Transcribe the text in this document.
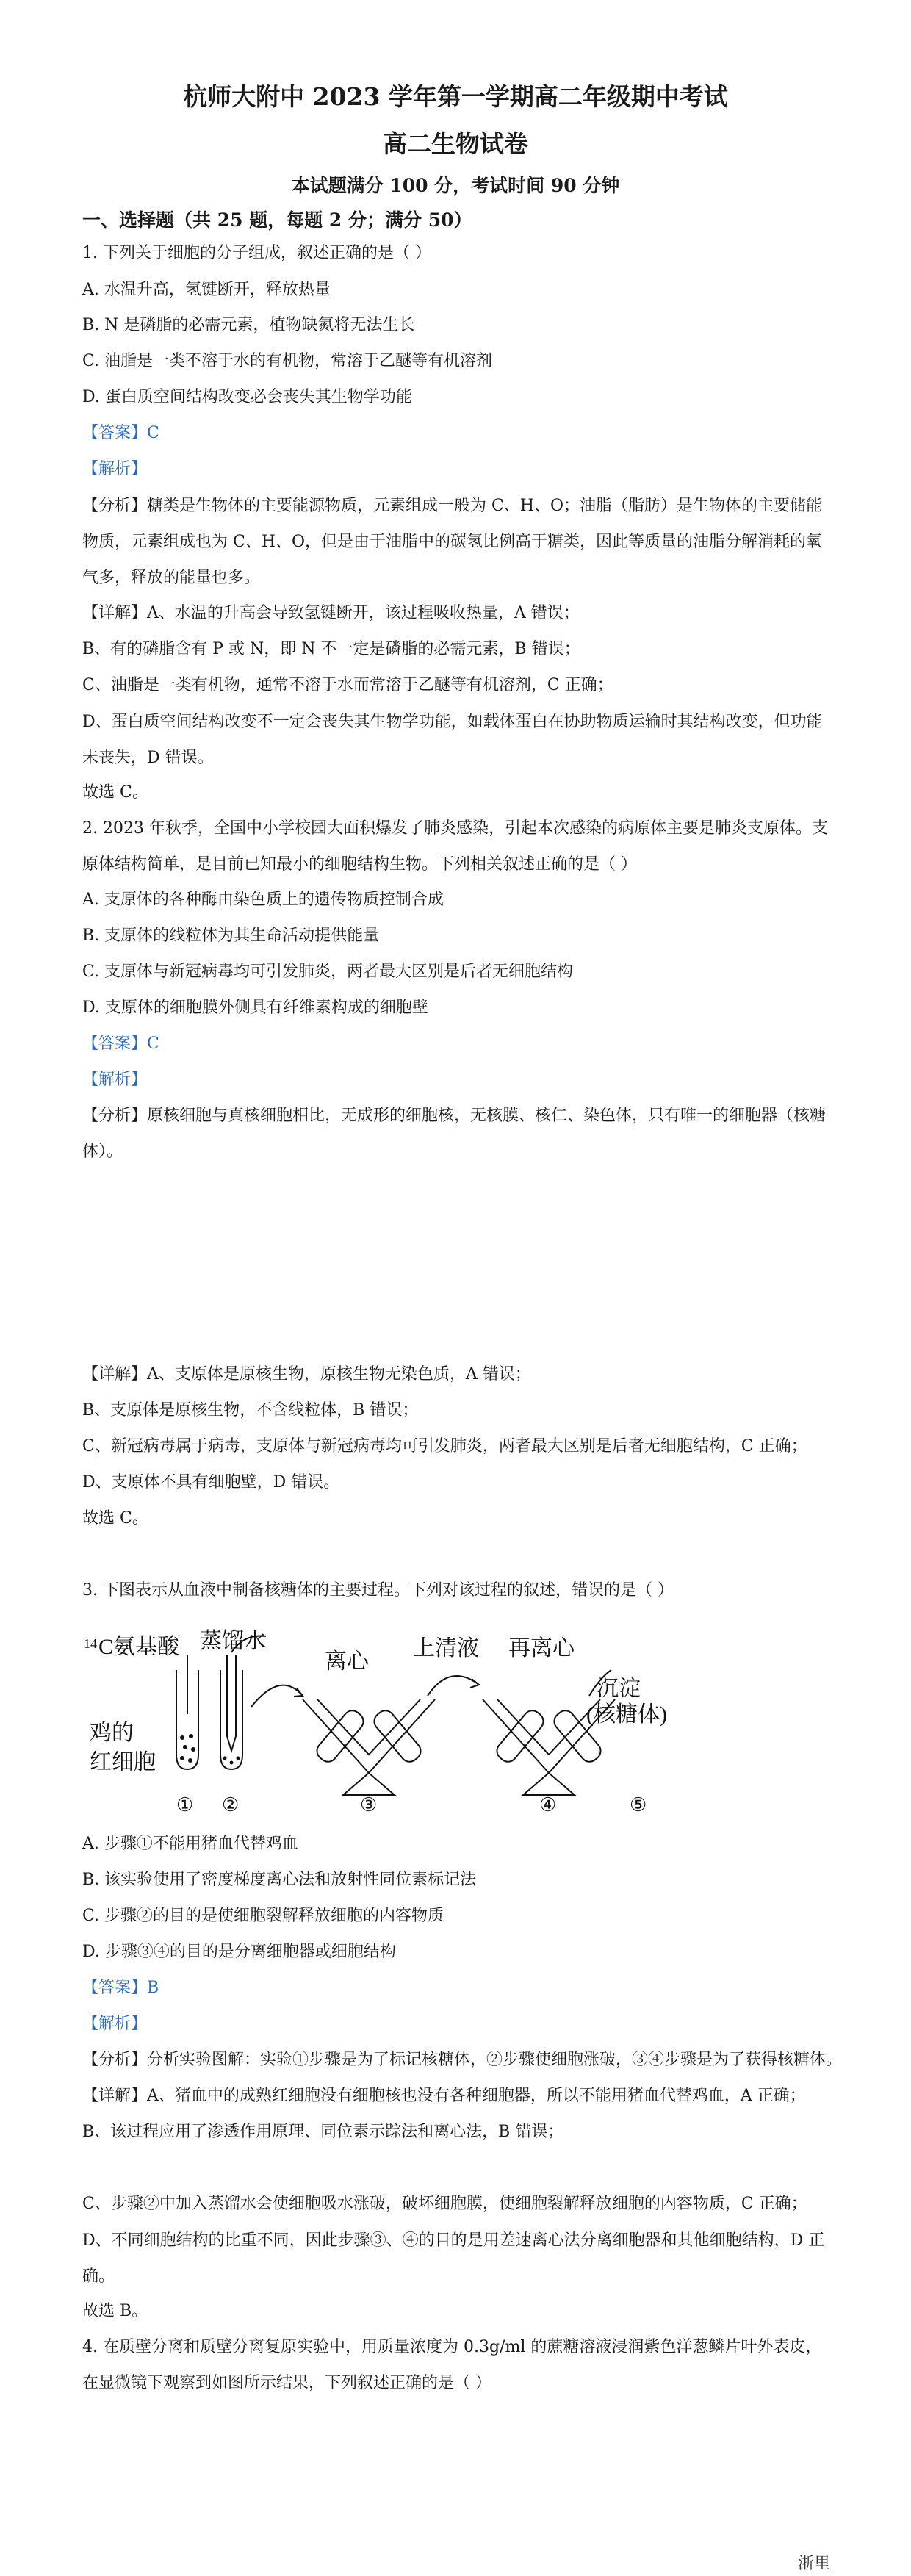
杭师大附中 2023 学年第一学期高二年级期中考试
高二生物试卷
本试题满分 100 分，考试时间 90 分钟
一、选择题（共 25 题，每题 2 分；满分 50）
1. 下列关于细胞的分子组成，叙述正确的是（ ）
A. 水温升高，氢键断开，释放热量
B. N 是磷脂的必需元素，植物缺氮将无法生长
C. 油脂是一类不溶于水的有机物，常溶于乙醚等有机溶剂
D. 蛋白质空间结构改变必会丧失其生物学功能
【答案】C
【解析】
【分析】糖类是生物体的主要能源物质，元素组成一般为 C、H、O；油脂（脂肪）是生物体的主要储能物质，元素组成也为 C、H、O，但是由于油脂中的碳氢比例高于糖类，因此等质量的油脂分解消耗的氧气多，释放的能量也多。
【详解】A、水温的升高会导致氢键断开，该过程吸收热量，A 错误；
B、有的磷脂含有 P 或 N，即 N 不一定是磷脂的必需元素，B 错误；
C、油脂是一类有机物，通常不溶于水而常溶于乙醚等有机溶剂，C 正确；
D、蛋白质空间结构改变不一定会丧失其生物学功能，如载体蛋白在协助物质运输时其结构改变，但功能未丧失，D 错误。
故选 C。
2. 2023 年秋季，全国中小学校园大面积爆发了肺炎感染，引起本次感染的病原体主要是肺炎支原体。支原体结构简单，是目前已知最小的细胞结构生物。下列相关叙述正确的是（ ）
A. 支原体的各种酶由染色质上的遗传物质控制合成
B. 支原体的线粒体为其生命活动提供能量
C. 支原体与新冠病毒均可引发肺炎，两者最大区别是后者无细胞结构
D. 支原体的细胞膜外侧具有纤维素构成的细胞壁
【答案】C
【解析】
【分析】原核细胞与真核细胞相比，无成形的细胞核，无核膜、核仁、染色体，只有唯一的细胞器（核糖体）。
【详解】A、支原体是原核生物，原核生物无染色质，A 错误；
B、支原体是原核生物，不含线粒体，B 错误；
C、新冠病毒属于病毒，支原体与新冠病毒均可引发肺炎，两者最大区别是后者无细胞结构，C 正确；
D、支原体不具有细胞壁，D 错误。
故选 C。
3. 下图表示从血液中制备核糖体的主要过程。下列对该过程的叙述，错误的是（ ）
14 C氨基酸 蒸馏水
离心
上清液 再离心
鸡的
红细胞
沉淀
(核糖体)
① ②	③	④	⑤
A. 步骤①不能用猪血代替鸡血
B. 该实验使用了密度梯度离心法和放射性同位素标记法
C. 步骤②的目的是使细胞裂解释放细胞的内容物质
D. 步骤③④的目的是分离细胞器或细胞结构
【答案】B
【解析】
【分析】分析实验图解：实验①步骤是为了标记核糖体，②步骤使细胞涨破，③④步骤是为了获得核糖体。
【详解】A、猪血中的成熟红细胞没有细胞核也没有各种细胞器，所以不能用猪血代替鸡血，A 正确；
B、该过程应用了渗透作用原理、同位素示踪法和离心法，B 错误；
C、步骤②中加入蒸馏水会使细胞吸水涨破，破坏细胞膜，使细胞裂解释放细胞的内容物质，C 正确；
D、不同细胞结构的比重不同，因此步骤③、④的目的是用差速离心法分离细胞器和其他细胞结构，D 正确。
故选 B。
4. 在质壁分离和质壁分离复原实验中，用质量浓度为 0.3g/ml 的蔗糖溶液浸润紫色洋葱鳞片叶外表皮，在显微镜下观察到如图所示结果，下列叙述正确的是（ ）
浙里
